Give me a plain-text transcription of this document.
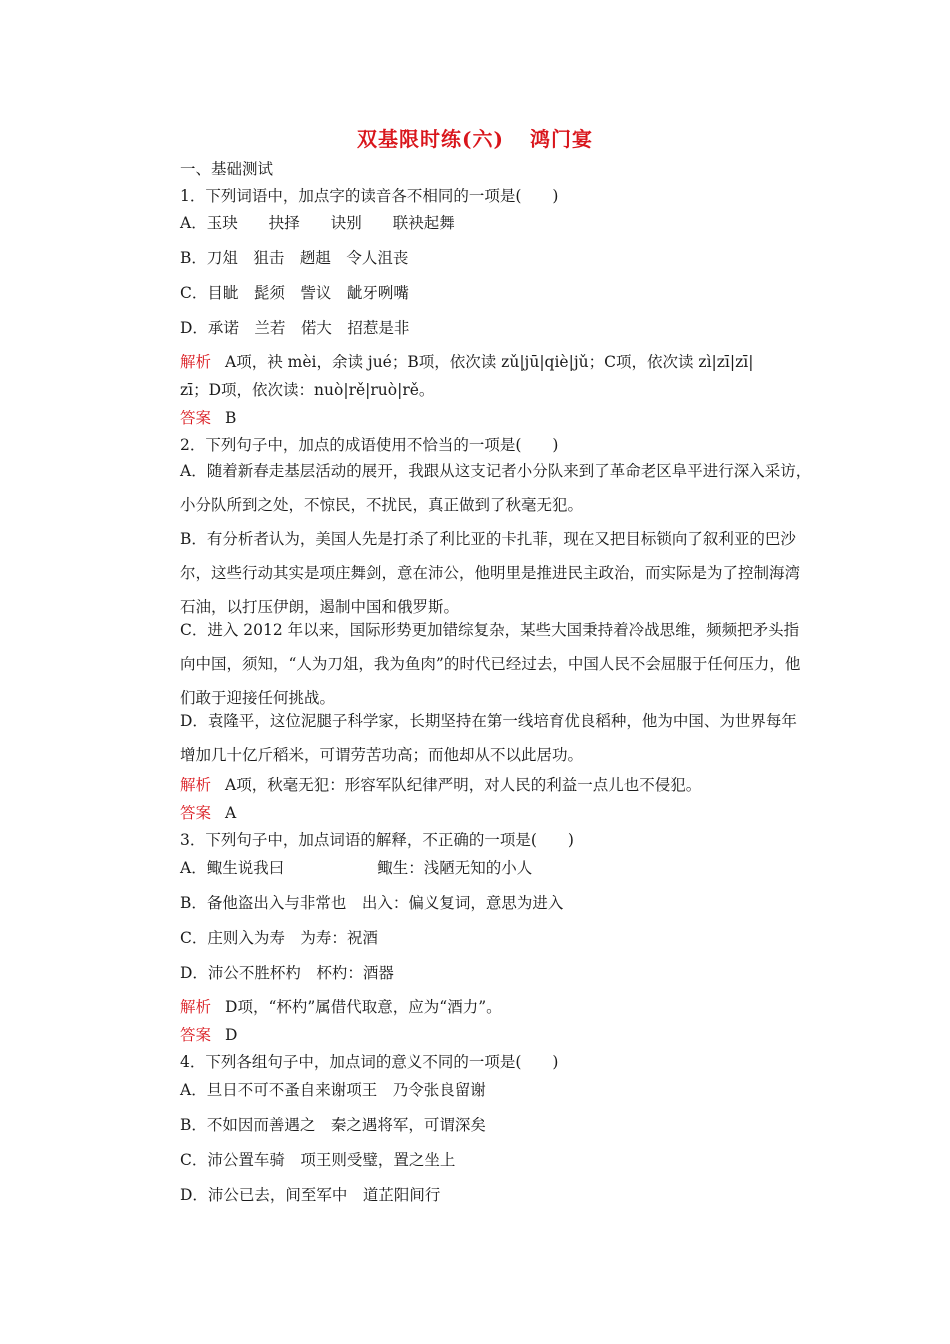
双基限时练(六) 鸿门宴
一、基础测试
1．下列词语中，加点字的读音各不相同的一项是(　　)
A．玉玦　　抉择　　诀别　　联袂起舞
B．刀俎　狙击　趔趄　令人沮丧
C．目眦　髭须　訾议　龇牙咧嘴
D．承诺　兰若　偌大　招惹是非
解析 A项，袂 mèi，余读 jué；B项，依次读 zǔ|jū|qiè|jǔ；C项，依次读 zì|zī|zī|
zī；D项，依次读：nuò|rě|ruò|rě。
答案 B
2．下列句子中，加点的成语使用不恰当的一项是(　　)
A．随着新春走基层活动的展开，我跟从这支记者小分队来到了革命老区阜平进行深入采访，小分队所到之处，不惊民，不扰民，真正做到了秋毫无犯。
B．有分析者认为，美国人先是打杀了利比亚的卡扎菲，现在又把目标锁向了叙利亚的巴沙尔，这些行动其实是项庄舞剑，意在沛公，他明里是推进民主政治，而实际是为了控制海湾石油，以打压伊朗，遏制中国和俄罗斯。
C．进入 2012 年以来，国际形势更加错综复杂，某些大国秉持着冷战思维，频频把矛头指向中国，须知，“人为刀俎，我为鱼肉”的时代已经过去，中国人民不会屈服于任何压力，他们敢于迎接任何挑战。
D．袁隆平，这位泥腿子科学家，长期坚持在第一线培育优良稻种，他为中国、为世界每年增加几十亿斤稻米，可谓劳苦功高；而他却从不以此居功。
解析 A项，秋毫无犯：形容军队纪律严明，对人民的利益一点儿也不侵犯。
答案 A
3．下列句子中，加点词语的解释，不正确的一项是(　　)
A．鲰生说我曰　　　　　　鲰生：浅陋无知的小人
B．备他盗出入与非常也　出入：偏义复词，意思为进入
C．庄则入为寿　为寿：祝酒
D．沛公不胜杯杓　杯杓：酒器
解析 D项，“杯杓”属借代取意，应为“酒力”。
答案 D
4．下列各组句子中，加点词的意义不同的一项是(　　)
A．旦日不可不蚤自来谢项王　乃令张良留谢
B．不如因而善遇之　秦之遇将军，可谓深矣
C．沛公置车骑　项王则受璧，置之坐上
D．沛公已去，间至军中　道芷阳间行
